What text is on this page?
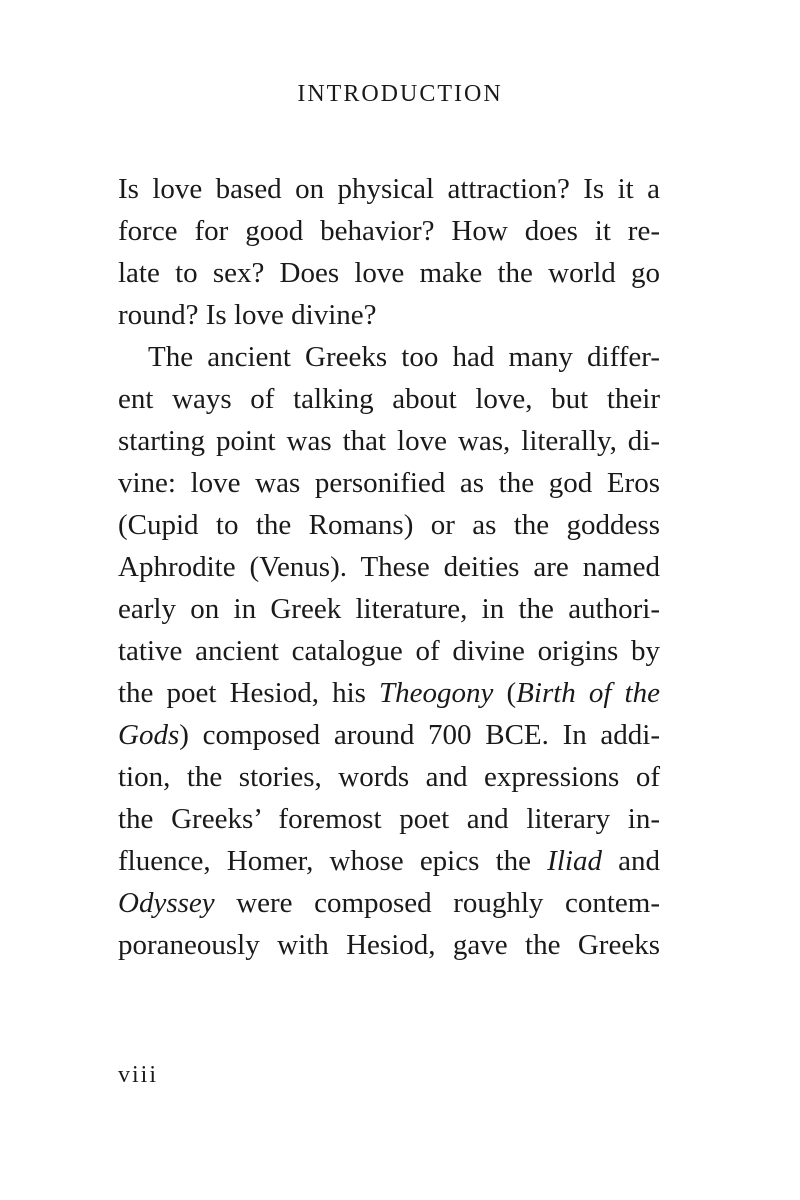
INTRODUCTION
Is love based on physical attraction? Is it a
force for good behavior? How does it re-
late to sex? Does love make the world go
round? Is love divine?
The ancient Greeks too had many differ-
ent ways of talking about love, but their
starting point was that love was, literally, di-
vine: love was personified as the god Eros
(Cupid to the Romans) or as the goddess
Aphrodite (Venus). These deities are named
early on in Greek literature, in the authori-
tative ancient catalogue of divine origins by
the poet Hesiod, his Theogony (Birth of the
Gods) composed around 700 BCE. In addi-
tion, the stories, words and expressions of
the Greeks’ foremost poet and literary in-
fluence, Homer, whose epics the Iliad and
Odyssey were composed roughly contem-
poraneously with Hesiod, gave the Greeks
viii
